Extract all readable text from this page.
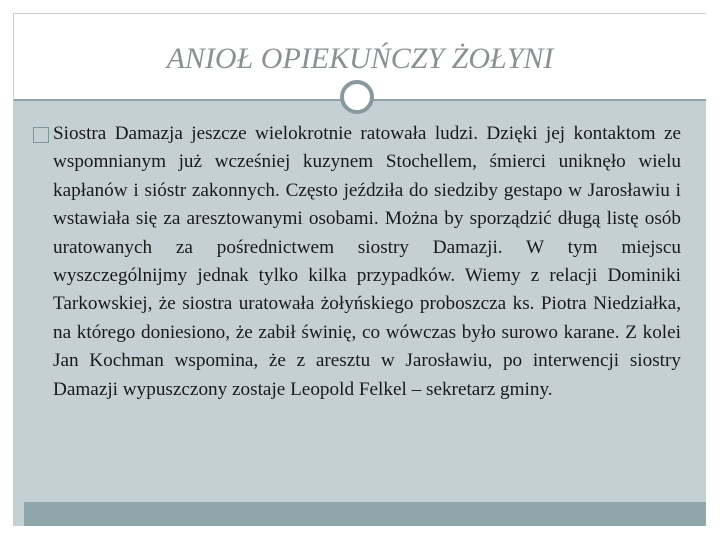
ANIOŁ OPIEKUŃCZY ŻOŁYNI

Siostra Damazja jeszcze wielokrotnie ratowała ludzi. Dzięki jej kontaktom ze wspomnianym już wcześniej kuzynem Stochellem, śmierci uniknęło wielu kapłanów i sióstr zakonnych. Często jeździła do siedziby gestapo w Jarosławiu i wstawiała się za aresztowanymi osobami. Można by sporządzić długą listę osób uratowanych za pośrednictwem siostry Damazji. W tym miejscu wyszczególnijmy jednak tylko kilka przypadków. Wiemy z relacji Dominiki Tarkowskiej, że siostra uratowała żołyńskiego proboszcza ks. Piotra Niedziałka, na którego doniesiono, że zabił świnię, co wówczas było surowo karane. Z kolei Jan Kochman wspomina, że z aresztu w Jarosławiu, po interwencji siostry Damazji wypuszczony zostaje Leopold Felkel – sekretarz gminy.
